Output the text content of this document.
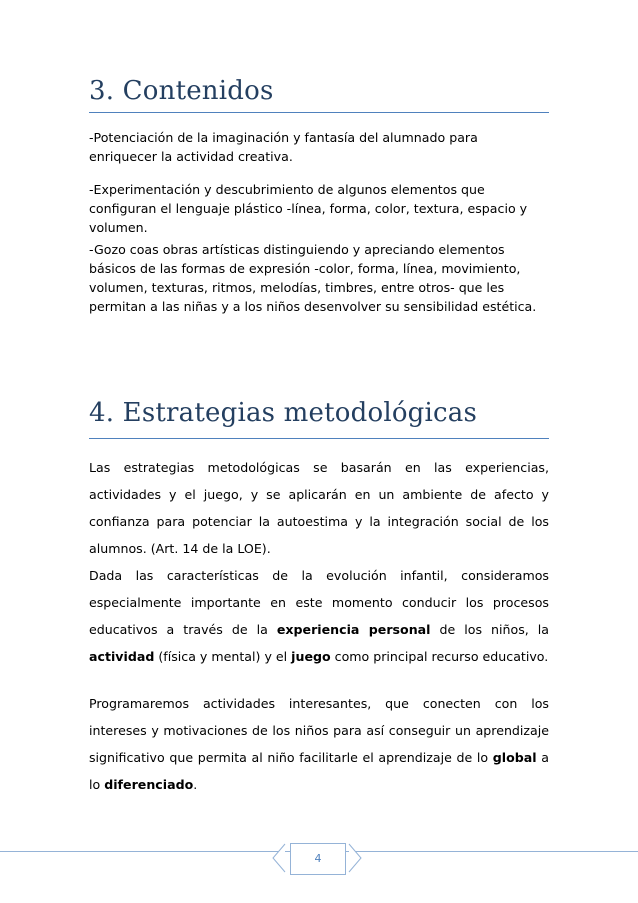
3. Contenidos

-Potenciación de la imaginación y fantasía del alumnado para enriquecer la actividad creativa.

-Experimentación y descubrimiento de algunos elementos que configuran el lenguaje plástico -línea, forma, color, textura, espacio y volumen.

-Gozo coas obras artísticas distinguiendo y apreciando elementos básicos de las formas de expresión -color, forma, línea, movimiento, volumen, texturas, ritmos, melodías, timbres, entre otros- que les permitan a las niñas y a los niños desenvolver su sensibilidad estética.

4. Estrategias metodológicas

Las estrategias metodológicas se basarán en las experiencias, actividades y el juego, y se aplicarán en un ambiente de afecto y confianza para potenciar la autoestima y la integración social de los alumnos. (Art. 14 de la LOE).

Dada las características de la evolución infantil, consideramos especialmente importante en este momento conducir los procesos educativos a través de la experiencia personal de los niños, la actividad (física y mental) y el juego como principal recurso educativo.

Programaremos actividades interesantes, que conecten con los intereses y motivaciones de los niños para así conseguir un aprendizaje significativo que permita al niño facilitarle el aprendizaje de lo global a lo diferenciado.

4
